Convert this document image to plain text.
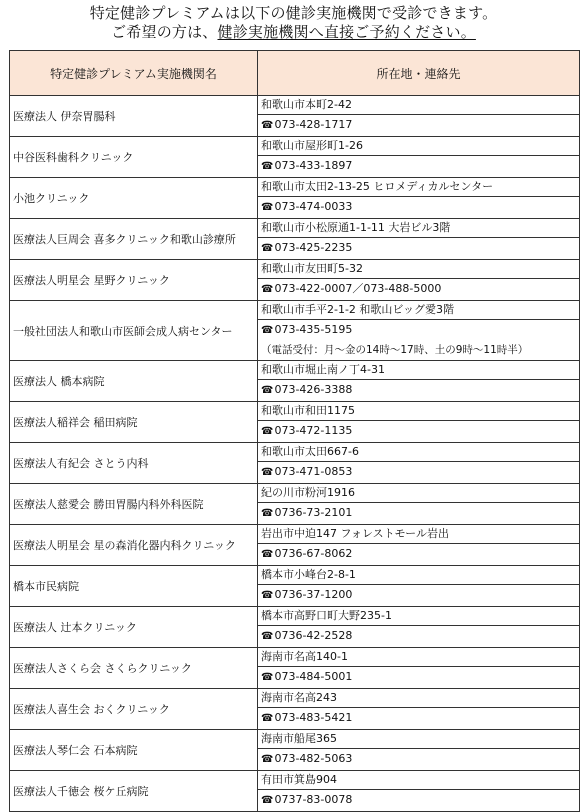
特定健診プレミアムは以下の健診実施機関で受診できます。
ご希望の方は、健診実施機関へ直接ご予約ください。
特定健診プレミアム実施機関名	所在地・連絡先
医療法人 伊奈胃腸科	和歌山市本町2-42
☎073-428-1717

中谷医科歯科クリニック	和歌山市屋形町1-26
☎073-433-1897

小池クリニック	和歌山市太田2-13-25 ヒロメディカルセンター
☎073-474-0033

医療法人巨周会 喜多クリニック和歌山診療所	和歌山市小松原通1-1-11 大岩ビル3階
☎073-425-2235

医療法人明星会 星野クリニック	和歌山市友田町5-32
☎073-422-0007／073-488-5000

一般社団法人和歌山市医師会成人病センター	和歌山市手平2-1-2 和歌山ビッグ愛3階
☎073-435-5195
（電話受付：月～金の14時～17時、土の9時～11時半）

医療法人 橋本病院	和歌山市堀止南ノ丁4-31
☎073-426-3388

医療法人稲祥会 稲田病院	和歌山市和田1175
☎073-472-1135

医療法人有紀会 さとう内科	和歌山市太田667-6
☎073-471-0853

医療法人慈愛会 勝田胃腸内科外科医院	紀の川市粉河1916
☎0736-73-2101

医療法人明星会 星の森消化器内科クリニック	岩出市中迫147 フォレストモール岩出
☎0736-67-8062

橋本市民病院	橋本市小峰台2-8-1
☎0736-37-1200

医療法人 辻本クリニック	橋本市高野口町大野235-1
☎0736-42-2528

医療法人さくら会 さくらクリニック	海南市名高140-1
☎073-484-5001

医療法人喜生会 おくクリニック	海南市名高243
☎073-483-5421

医療法人琴仁会 石本病院	海南市船尾365
☎073-482-5063

医療法人千徳会 桜ケ丘病院	有田市箕島904
☎0737-83-0078
